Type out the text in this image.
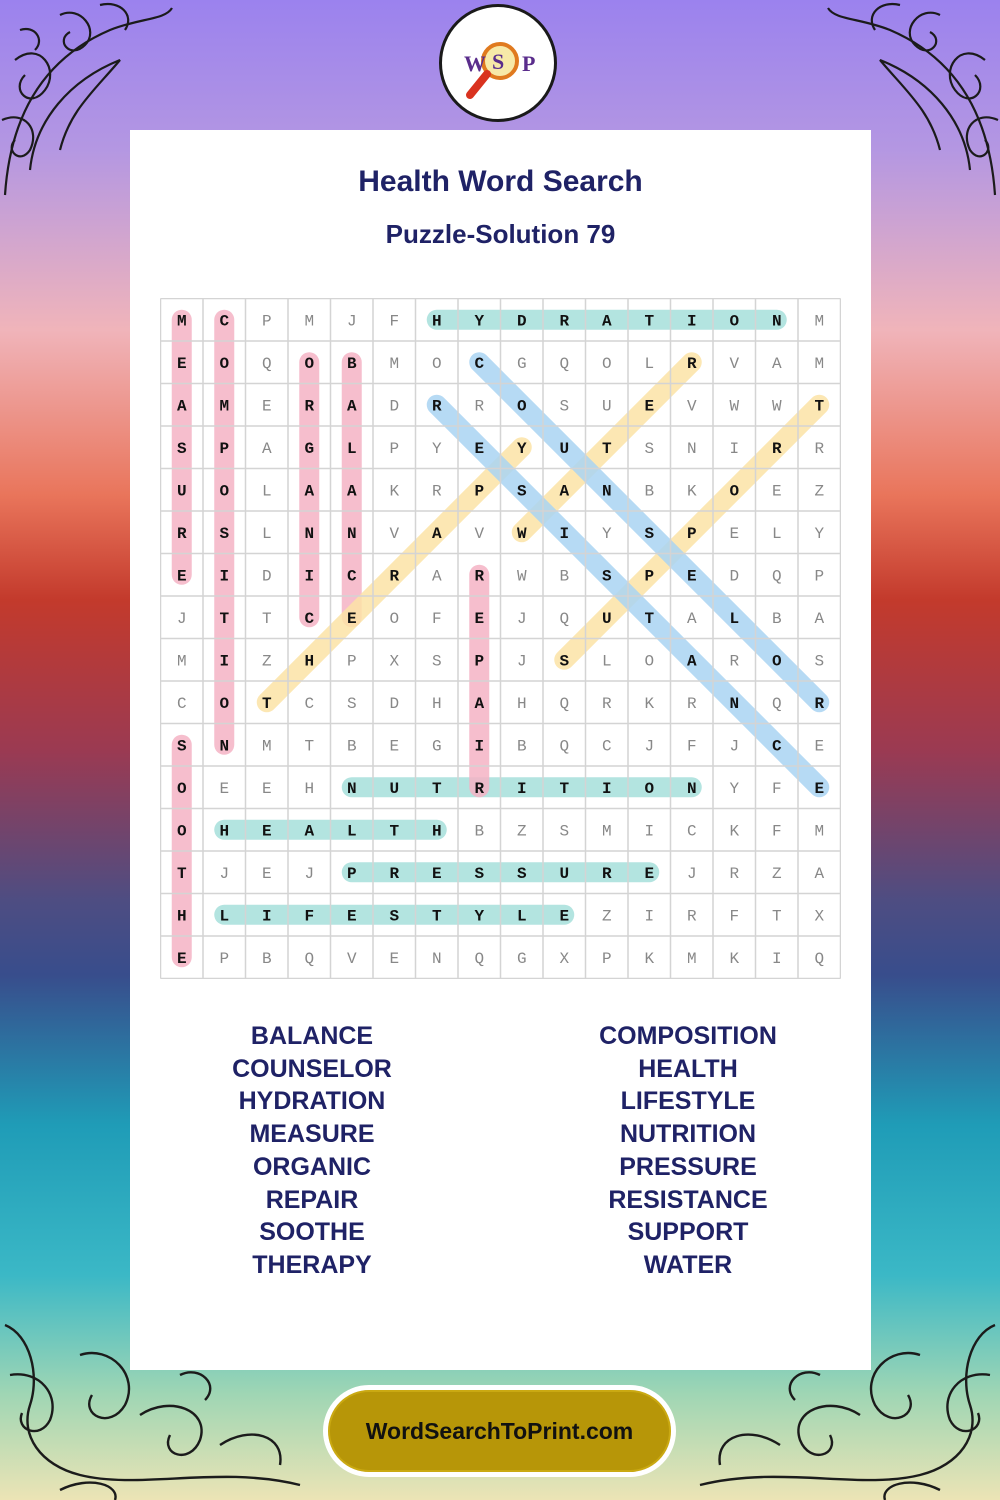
W S P
Health Word Search
Puzzle-Solution 79
M C P M J F H Y D R A T I O N M
E O Q O B M O C G Q O L R V A M
A M E R A D R R O S U E V W W T
S P A G L P Y E Y U T S N I R R
U O L A A K R P S A N B K O E Z
R S L N N V A V W I Y S P E L Y
E I D I C R A R W B S P E D Q P
J T T C E O F E J Q U T A L B A
M I Z H P X S P J S L O A R O S
C O T C S D H A H Q R K R N Q R
S N M T B E G I B Q C J F J C E
O E E H N U T R I T I O N Y F E
O H E A L T H B Z S M I C K F M
T J E J P R E S S U R E J R Z A
H L I F E S T Y L E Z I R F T X
E P B Q V E N Q G X P K M K I Q
BALANCE
COUNSELOR
HYDRATION
MEASURE
ORGANIC
REPAIR
SOOTHE
THERAPY
COMPOSITION
HEALTH
LIFESTYLE
NUTRITION
PRESSURE
RESISTANCE
SUPPORT
WATER
WordSearchToPrint.com
